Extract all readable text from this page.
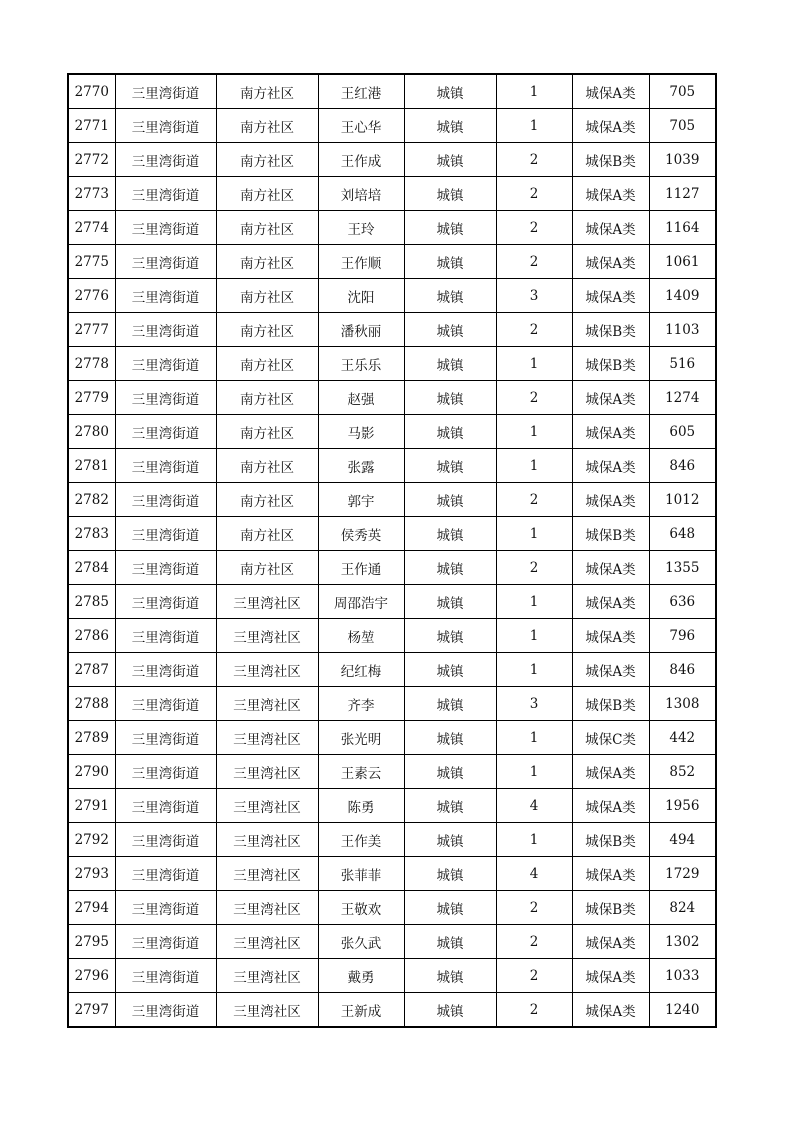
2770	三里湾街道	南方社区	王红港	城镇	1	城保A类	705
2771	三里湾街道	南方社区	王心华	城镇	1	城保A类	705
2772	三里湾街道	南方社区	王作成	城镇	2	城保B类	1039
2773	三里湾街道	南方社区	刘培培	城镇	2	城保A类	1127
2774	三里湾街道	南方社区	王玲	城镇	2	城保A类	1164
2775	三里湾街道	南方社区	王作顺	城镇	2	城保A类	1061
2776	三里湾街道	南方社区	沈阳	城镇	3	城保A类	1409
2777	三里湾街道	南方社区	潘秋丽	城镇	2	城保B类	1103
2778	三里湾街道	南方社区	王乐乐	城镇	1	城保B类	516
2779	三里湾街道	南方社区	赵强	城镇	2	城保A类	1274
2780	三里湾街道	南方社区	马影	城镇	1	城保A类	605
2781	三里湾街道	南方社区	张露	城镇	1	城保A类	846
2782	三里湾街道	南方社区	郭宇	城镇	2	城保A类	1012
2783	三里湾街道	南方社区	侯秀英	城镇	1	城保B类	648
2784	三里湾街道	南方社区	王作通	城镇	2	城保A类	1355
2785	三里湾街道	三里湾社区	周邵浩宇	城镇	1	城保A类	636
2786	三里湾街道	三里湾社区	杨堃	城镇	1	城保A类	796
2787	三里湾街道	三里湾社区	纪红梅	城镇	1	城保A类	846
2788	三里湾街道	三里湾社区	齐李	城镇	3	城保B类	1308
2789	三里湾街道	三里湾社区	张光明	城镇	1	城保C类	442
2790	三里湾街道	三里湾社区	王素云	城镇	1	城保A类	852
2791	三里湾街道	三里湾社区	陈勇	城镇	4	城保A类	1956
2792	三里湾街道	三里湾社区	王作美	城镇	1	城保B类	494
2793	三里湾街道	三里湾社区	张菲菲	城镇	4	城保A类	1729
2794	三里湾街道	三里湾社区	王敬欢	城镇	2	城保B类	824
2795	三里湾街道	三里湾社区	张久武	城镇	2	城保A类	1302
2796	三里湾街道	三里湾社区	戴勇	城镇	2	城保A类	1033
2797	三里湾街道	三里湾社区	王新成	城镇	2	城保A类	1240
